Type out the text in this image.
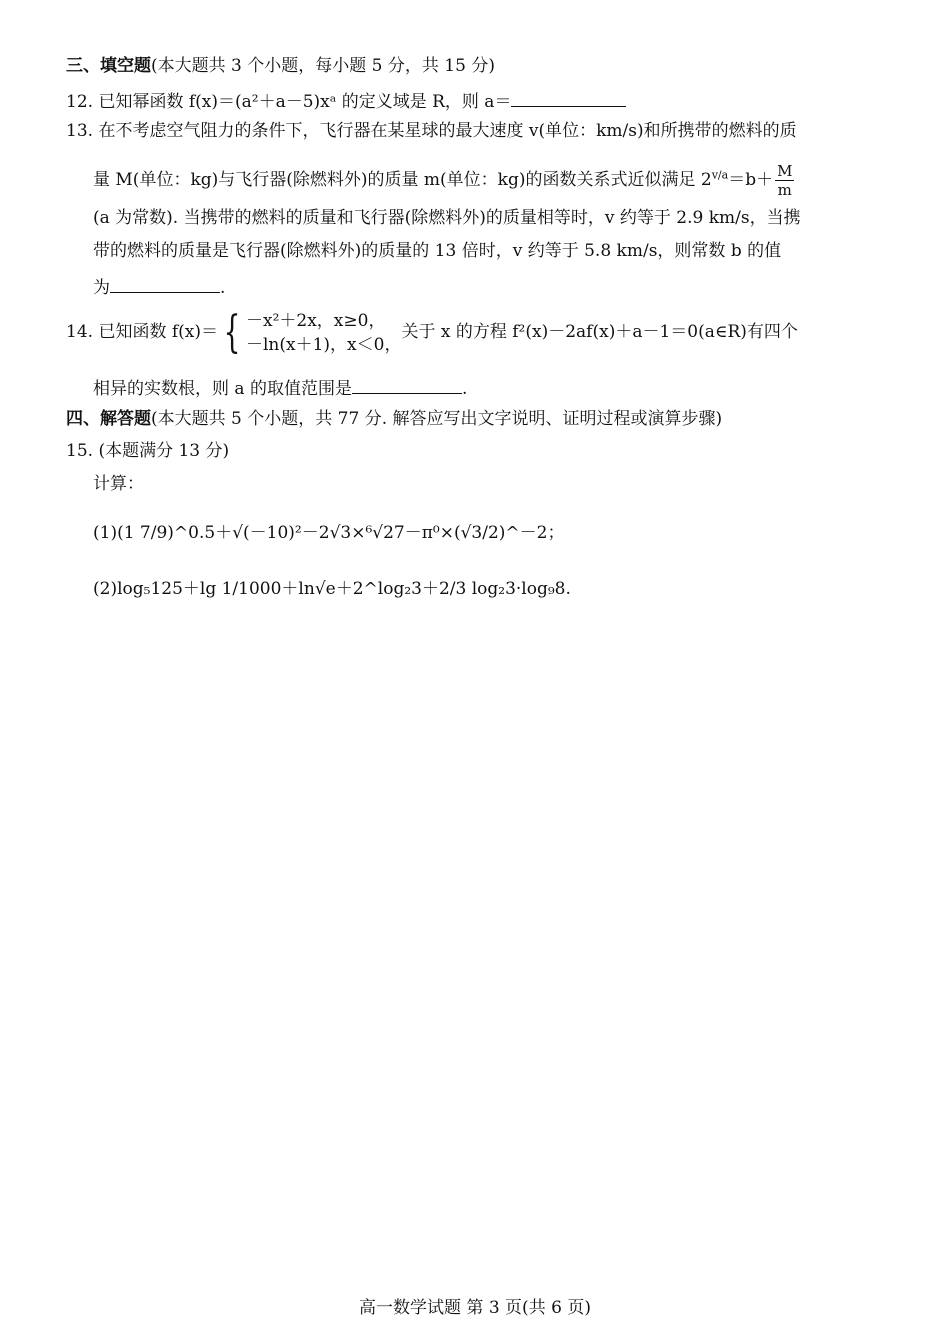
三、填空题(本大题共 3 个小题，每小题 5 分，共 15 分)
12. 已知幂函数 f(x)＝(a²＋a－5)xᵃ 的定义域是 R，则 a＝
13. 在不考虑空气阻力的条件下，飞行器在某星球的最大速度 v(单位：km/s)和所携带的燃料的质
量 M(单位：kg)与飞行器(除燃料外)的质量 m(单位：kg)的函数关系式近似满足 $2^{v/a}=b+ \frac{M}{m}$
(a 为常数). 当携带的燃料的质量和飞行器(除燃料外)的质量相等时，v 约等于 2.9 km/s，当携
带的燃料的质量是飞行器(除燃料外)的质量的 13 倍时，v 约等于 5.8 km/s，则常数 b 的值
为	.
14. 已知函数 f(x)＝ { －x²＋2x，x≥0，
－ln(x＋1)，x＜0，
关于 x 的方程 f²(x)－2af(x)＋a－1＝0(a∈R)有四个
相异的实数根，则 a 的取值范围是	.
四、解答题(本大题共 5 个小题，共 77 分. 解答应写出文字说明、证明过程或演算步骤)
15. (本题满分 13 分)
计算：
(1)(1 7/9)^0.5＋√(－10)²－2√3×⁶√27－π⁰×(√3/2)^－2；
(2)log₅125＋lg 1/1000＋ln√e＋2^log₂3＋2/3 log₂3·log₉8.
高一数学试题 第 3 页(共 6 页)
